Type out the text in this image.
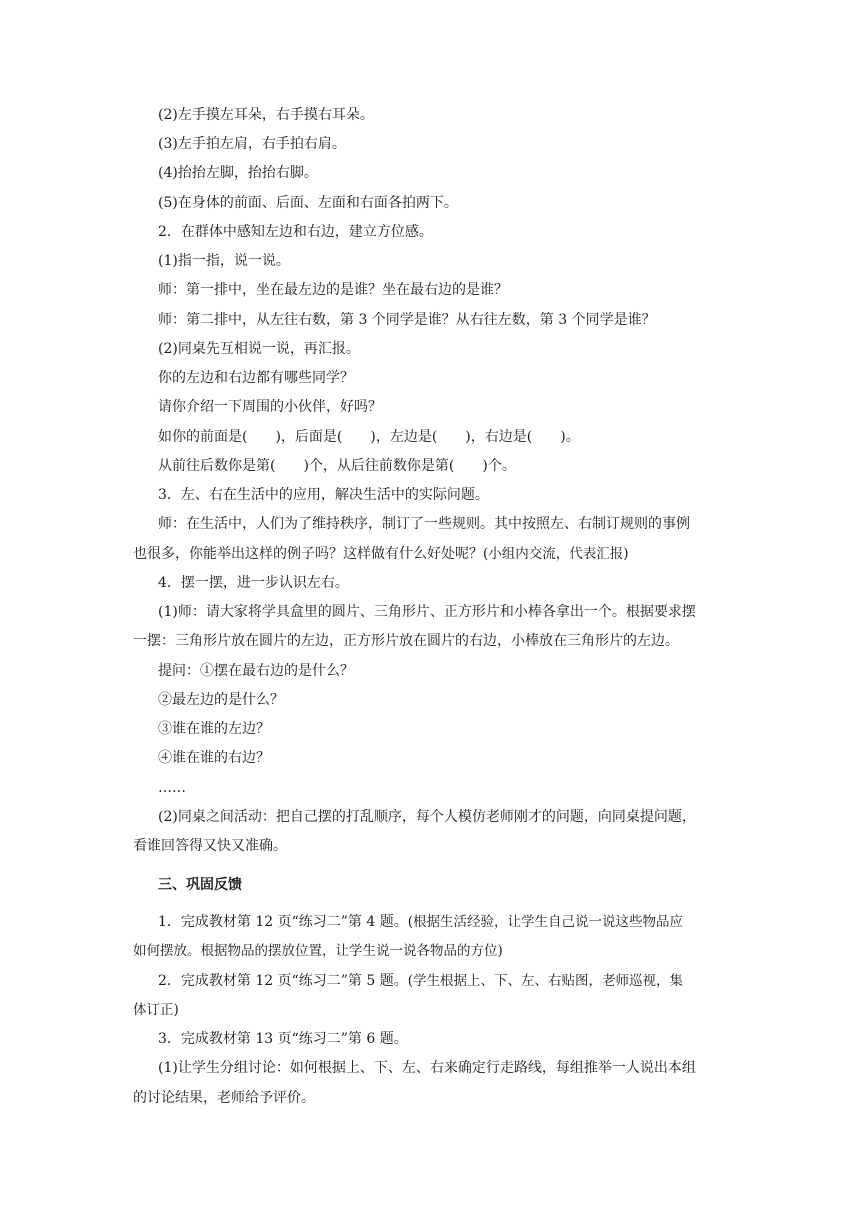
(2)左手摸左耳朵，右手摸右耳朵。
(3)左手拍左肩，右手拍右肩。
(4)抬抬左脚，抬抬右脚。
(5)在身体的前面、后面、左面和右面各拍两下。
2．在群体中感知左边和右边，建立方位感。
(1)指一指，说一说。
师：第一排中，坐在最左边的是谁？坐在最右边的是谁？
师：第二排中，从左往右数，第 3 个同学是谁？从右往左数，第 3 个同学是谁？
(2)同桌先互相说一说，再汇报。
你的左边和右边都有哪些同学？
请你介绍一下周围的小伙伴，好吗？
如你的前面是(　　)，后面是(　　)，左边是(　　)，右边是(　　)。
从前往后数你是第(　　)个，从后往前数你是第(　　)个。
3．左、右在生活中的应用，解决生活中的实际问题。
师：在生活中，人们为了维持秩序，制订了一些规则。其中按照左、右制订规则的事例
也很多，你能举出这样的例子吗？这样做有什么好处呢？(小组内交流，代表汇报)
4．摆一摆，进一步认识左右。
(1)师：请大家将学具盒里的圆片、三角形片、正方形片和小棒各拿出一个。根据要求摆
一摆：三角形片放在圆片的左边，正方形片放在圆片的右边，小棒放在三角形片的左边。
提问：①摆在最右边的是什么？
②最左边的是什么？
③谁在谁的左边？
④谁在谁的右边？
……
(2)同桌之间活动：把自己摆的打乱顺序，每个人模仿老师刚才的问题，向同桌提问题，
看谁回答得又快又准确。
三、巩固反馈
1．完成教材第 12 页“练习二”第 4 题。(根据生活经验，让学生自己说一说这些物品应
如何摆放。根据物品的摆放位置，让学生说一说各物品的方位)
2．完成教材第 12 页“练习二”第 5 题。(学生根据上、下、左、右贴图，老师巡视，集
体订正)
3．完成教材第 13 页“练习二”第 6 题。
(1)让学生分组讨论：如何根据上、下、左、右来确定行走路线，每组推举一人说出本组
的讨论结果，老师给予评价。
